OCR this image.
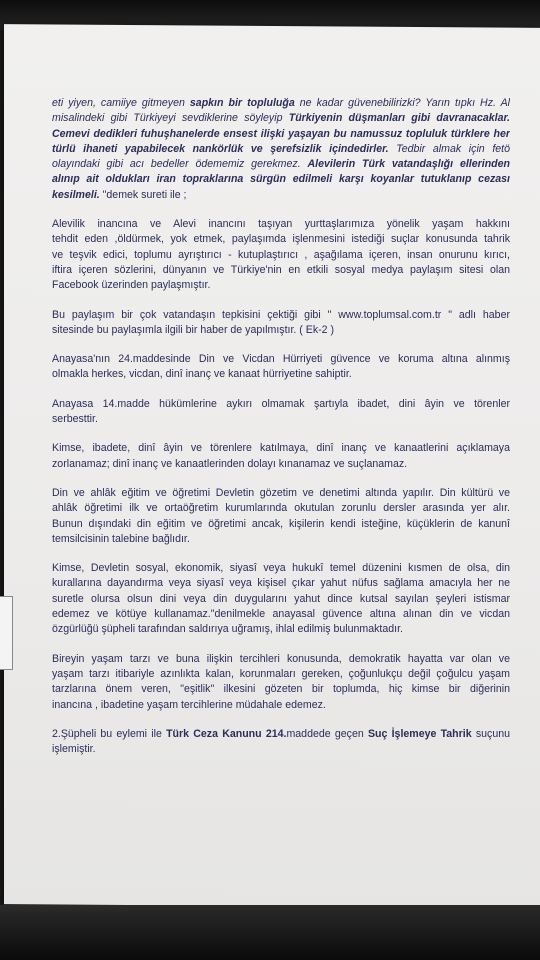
eti yiyen, camiiye gitmeyen sapkın bir topluluğa ne kadar güvenebilirizki? Yarın tıpkı Hz. Al
misalindeki gibi Türkiyeyi sevdiklerine söyleyip Türkiyenin düşmanları gibi davranacaklar.
Cemevi dedikleri fuhuşhanelerde ensest ilişki yaşayan bu namussuz topluluk türklere her
türlü ihaneti yapabilecek nankörlük ve şerefsizlik içindedirler. Tedbir almak için fetö
olayındaki gibi acı bedeller ödememiz gerekmez. Alevilerin Türk vatandaşlığı ellerinden
alınıp ait oldukları iran topraklarına sürgün edilmeli karşı koyanlar tutuklanıp cezası
kesilmeli. "demek sureti ile ;
Alevilik inancına ve Alevi inancını taşıyan yurttaşlarımıza yönelik yaşam hakkını
tehdit eden ,öldürmek, yok etmek, paylaşımda işlenmesini istediği suçlar konusunda tahrik
ve teşvik edici, toplumu ayrıştırıcı - kutuplaştırıcı , aşağılama içeren, insan onurunu kırıcı,
iftira içeren sözlerini, dünyanın ve Türkiye'nin en etkili sosyal medya paylaşım sitesi olan
Facebook üzerinden paylaşmıştır.
Bu paylaşım bir çok vatandaşın tepkisini çektiği gibi " www.toplumsal.com.tr " adlı haber
sitesinde bu paylaşımla ilgili bir haber de yapılmıştır. ( Ek-2 )
Anayasa'nın 24.maddesinde Din ve Vicdan Hürriyeti güvence ve koruma altına alınmış
olmakla herkes, vicdan, dinî inanç ve kanaat hürriyetine sahiptir.
Anayasa 14.madde hükümlerine aykırı olmamak şartıyla ibadet, dini âyin ve törenler
serbesttir.
Kimse, ibadete, dinî âyin ve törenlere katılmaya, dinî inanç ve kanaatlerini açıklamaya
zorlanamaz; dinî inanç ve kanaatlerinden dolayı kınanamaz ve suçlanamaz.
Din ve ahlâk eğitim ve öğretimi Devletin gözetim ve denetimi altında yapılır. Din kültürü ve
ahlâk öğretimi ilk ve ortaöğretim kurumlarında okutulan zorunlu dersler arasında yer alır.
Bunun dışındaki din eğitim ve öğretimi ancak, kişilerin kendi isteğine, küçüklerin de kanunî
temsilcisinin talebine bağlıdır.
Kimse, Devletin sosyal, ekonomik, siyasî veya hukukî temel düzenini kısmen de olsa, din
kurallarına dayandırma veya siyasî veya kişisel çıkar yahut nüfus sağlama amacıyla her ne
suretle olursa olsun dini veya din duygularını yahut dince kutsal sayılan şeyleri istismar
edemez ve kötüye kullanamaz."denilmekle anayasal güvence altına alınan din ve vicdan
özgürlüğü şüpheli tarafından saldırıya uğramış, ihlal edilmiş bulunmaktadır.
Bireyin yaşam tarzı ve buna ilişkin tercihleri konusunda, demokratik hayatta var olan ve
yaşam tarzı itibariyle azınlıkta kalan, korunmaları gereken, çoğunlukçu değil çoğulcu yaşam
tarzlarına önem veren, "eşitlik" ilkesini gözeten bir toplumda, hiç kimse bir diğerinin
inancına , ibadetine yaşam tercihlerine müdahale edemez.
2.Şüpheli bu eylemi ile Türk Ceza Kanunu 214.maddede geçen Suç İşlemeye Tahrik suçunu
işlemiştir.
